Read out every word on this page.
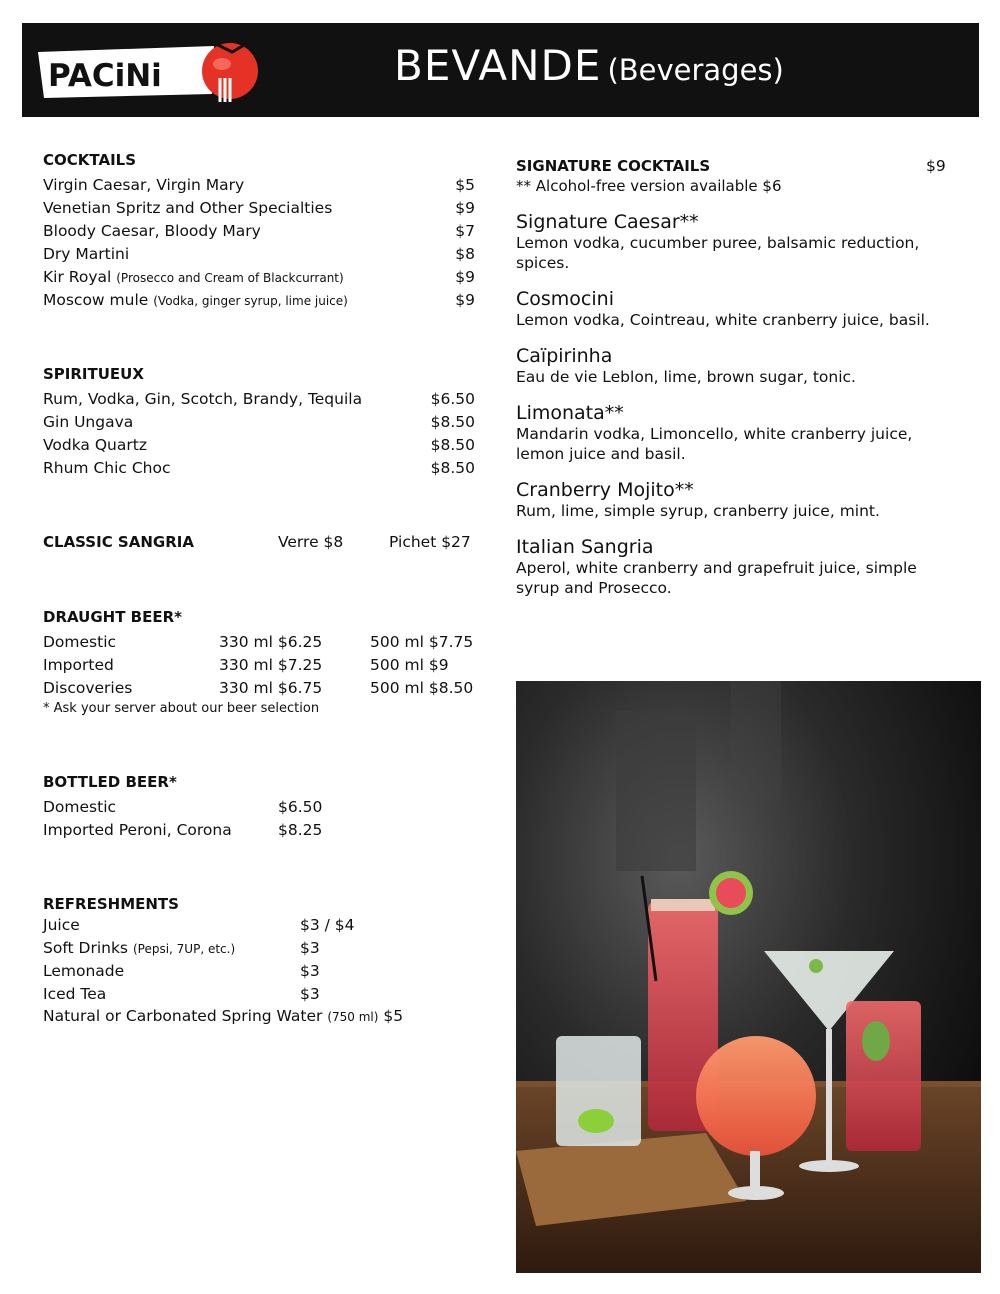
PACiNi	BEVANDE (Beverages)
COCKTAILS
Virgin Caesar, Virgin Mary	$5
Venetian Spritz and Other Specialties	$9
Bloody Caesar, Bloody Mary	$7
Dry Martini	$8
Kir Royal (Prosecco and Cream of Blackcurrant)	$9
Moscow mule (Vodka, ginger syrup, lime juice)	$9
SPIRITUEUX
Rum, Vodka, Gin, Scotch, Brandy, Tequila	$6.50
Gin Ungava	$8.50
Vodka Quartz	$8.50
Rhum Chic Choc	$8.50
CLASSIC SANGRIA	Verre $8	Pichet $27
DRAUGHT BEER*
Domestic	330 ml $6.25	500 ml $7.75
Imported	330 ml $7.25	500 ml $9
Discoveries	330 ml $6.75	500 ml $8.50
* Ask your server about our beer selection
BOTTLED BEER*
Domestic	$6.50
Imported Peroni, Corona	$8.25
REFRESHMENTS
Juice	$3 / $4
Soft Drinks (Pepsi, 7UP, etc.)	$3
Lemonade	$3
Iced Tea	$3
Natural or Carbonated Spring Water (750 ml) $5
SIGNATURE COCKTAILS	$9
** Alcohol-free version available $6
Signature Caesar**
Lemon vodka, cucumber puree, balsamic reduction,
spices.
Cosmocini
Lemon vodka, Cointreau, white cranberry juice, basil.
Caïpirinha
Eau de vie Leblon, lime, brown sugar, tonic.
Limonata**
Mandarin vodka, Limoncello, white cranberry juice,
lemon juice and basil.
Cranberry Mojito**
Rum, lime, simple syrup, cranberry juice, mint.
Italian Sangria
Aperol, white cranberry and grapefruit juice, simple
syrup and Prosecco.
